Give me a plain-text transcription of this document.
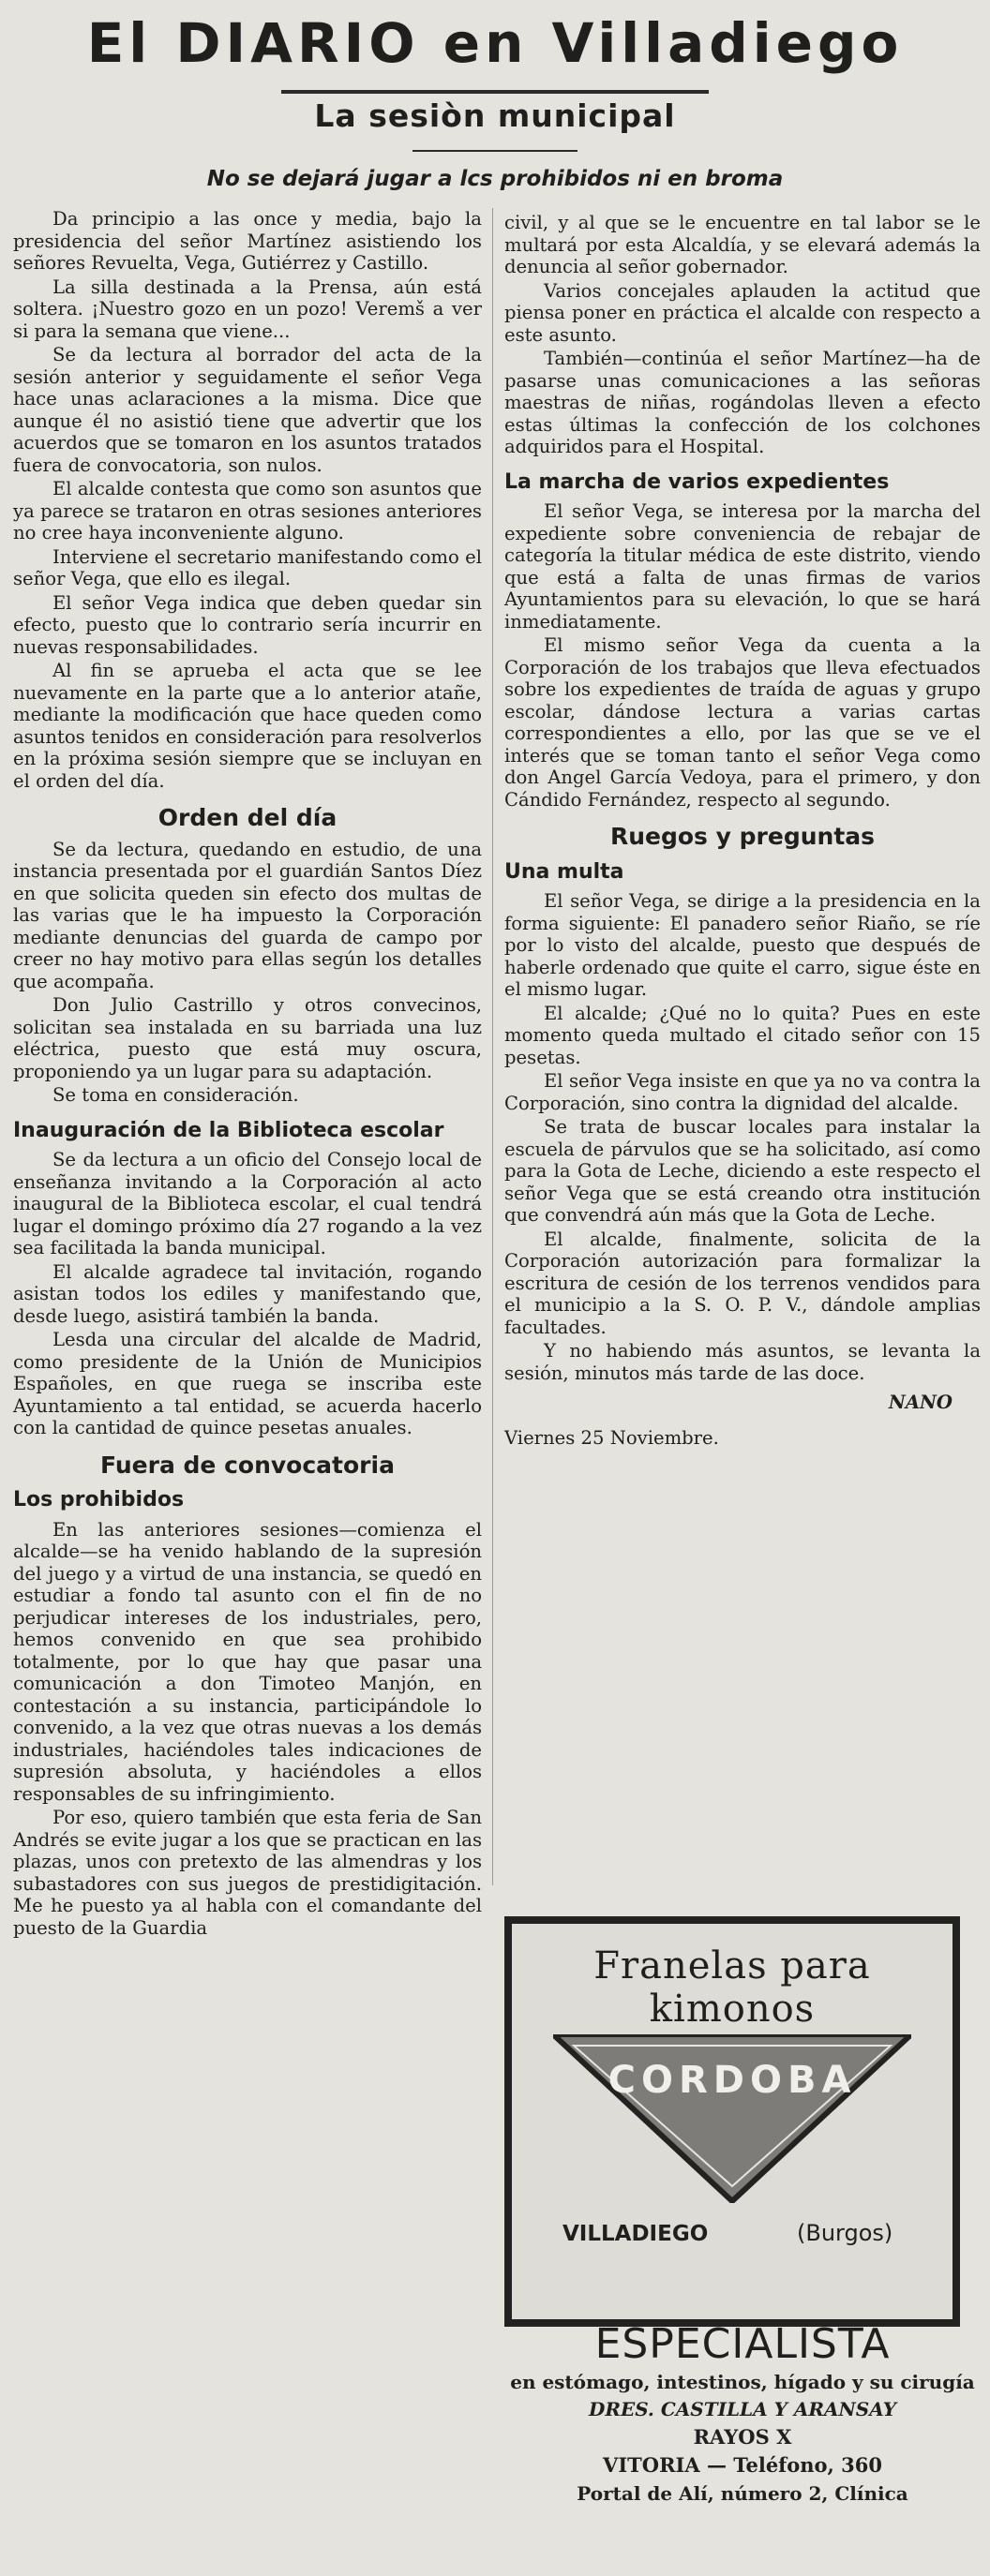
El DIARIO en Villadiego
La sesiòn municipal
No se dejará jugar a lcs prohibidos ni en broma

Da principio a las once y media, bajo la presidencia del señor Martínez asistiendo los señores Revuelta, Vega, Gutiérrez y Castillo.

La silla destinada a la Prensa, aún está soltera. ¡Nuestro gozo en un pozo! Veremš a ver si para la semana que viene...

Se da lectura al borrador del acta de la sesión anterior y seguidamente el señor Vega hace unas aclaraciones a la misma. Dice que aunque él no asistió tiene que advertir que los acuerdos que se tomaron en los asuntos tratados fuera de convocatoria, son nulos.

El alcalde contesta que como son asuntos que ya parece se trataron en otras sesiones anteriores no cree haya inconveniente alguno.

Interviene el secretario manifestando como el señor Vega, que ello es ilegal.

El señor Vega indica que deben quedar sin efecto, puesto que lo contrario sería incurrir en nuevas responsabilidades.

Al fin se aprueba el acta que se lee nuevamente en la parte que a lo anterior atañe, mediante la modificación que hace queden como asuntos tenidos en consideración para resolverlos en la próxima sesión siempre que se incluyan en el orden del día.

Orden del día

Se da lectura, quedando en estudio, de una instancia presentada por el guardián Santos Díez en que solicita queden sin efecto dos multas de las varias que le ha impuesto la Corporación mediante denuncias del guarda de campo por creer no hay motivo para ellas según los detalles que acompaña.

Don Julio Castrillo y otros convecinos, solicitan sea instalada en su barriada una luz eléctrica, puesto que está muy oscura, proponiendo ya un lugar para su adaptación.

Se toma en consideración.

Inauguración de la Biblioteca escolar

Se da lectura a un oficio del Consejo local de enseñanza invitando a la Corporación al acto inaugural de la Biblioteca escolar, el cual tendrá lugar el domingo próximo día 27 rogando a la vez sea facilitada la banda municipal.

El alcalde agradece tal invitación, rogando asistan todos los ediles y manifestando que, desde luego, asistirá también la banda.

Lesda una circular del alcalde de Madrid, como presidente de la Unión de Municipios Españoles, en que ruega se inscriba este Ayuntamiento a tal entidad, se acuerda hacerlo con la cantidad de quince pesetas anuales.

Fuera de convocatoria
Los prohibidos

En las anteriores sesiones—comienza el alcalde—se ha venido hablando de la supresión del juego y a virtud de una instancia, se quedó en estudiar a fondo tal asunto con el fin de no perjudicar intereses de los industriales, pero, hemos convenido en que sea prohibido totalmente, por lo que hay que pasar una comunicación a don Timoteo Manjón, en contestación a su instancia, participándole lo convenido, a la vez que otras nuevas a los demás industriales, haciéndoles tales indicaciones de supresión absoluta, y haciéndoles a ellos responsables de su infringimiento.

Por eso, quiero también que esta feria de San Andrés se evite jugar a los que se practican en las plazas, unos con pretexto de las almendras y los subastadores con sus juegos de prestidigitación. Me he puesto ya al habla con el comandante del puesto de la Guardia

civil, y al que se le encuentre en tal labor se le multará por esta Alcaldía, y se elevará además la denuncia al señor gobernador.

Varios concejales aplauden la actitud que piensa poner en práctica el alcalde con respecto a este asunto.

También—continúa el señor Martínez—ha de pasarse unas comunicaciones a las señoras maestras de niñas, rogándolas lleven a efecto estas últimas la confección de los colchones adquiridos para el Hospital.

La marcha de varios expedientes

El señor Vega, se interesa por la marcha del expediente sobre conveniencia de rebajar de categoría la titular médica de este distrito, viendo que está a falta de unas firmas de varios Ayuntamientos para su elevación, lo que se hará inmediatamente.

El mismo señor Vega da cuenta a la Corporación de los trabajos que lleva efectuados sobre los expedientes de traída de aguas y grupo escolar, dándose lectura a varias cartas correspondientes a ello, por las que se ve el interés que se toman tanto el señor Vega como don Angel García Vedoya, para el primero, y don Cándido Fernández, respecto al segundo.

Ruegos y preguntas
Una multa

El señor Vega, se dirige a la presidencia en la forma siguiente: El panadero señor Riaño, se ríe por lo visto del alcalde, puesto que después de haberle ordenado que quite el carro, sigue éste en el mismo lugar.

El alcalde; ¿Qué no lo quita? Pues en este momento queda multado el citado señor con 15 pesetas.

El señor Vega insiste en que ya no va contra la Corporación, sino contra la dignidad del alcalde.

Se trata de buscar locales para instalar la escuela de párvulos que se ha solicitado, así como para la Gota de Leche, diciendo a este respecto el señor Vega que se está creando otra institución que convendrá aún más que la Gota de Leche.

El alcalde, finalmente, solicita de la Corporación autorización para formalizar la escritura de cesión de los terrenos vendidos para el municipio a la S. O. P. V., dándole amplias facultades.

Y no habiendo más asuntos, se levanta la sesión, minutos más tarde de las doce.

NANO
Viernes 25 Noviembre.
Franelas para kimonos
CORDOBA
VILLADIEGO	(Burgos)
ESPECIALISTA
en estómago, intestinos, hígado y su cirugía
DRES. CASTILLA Y ARANSAY
RAYOS X
VITORIA — Teléfono, 360
Portal de Alí, número 2, Clínica
